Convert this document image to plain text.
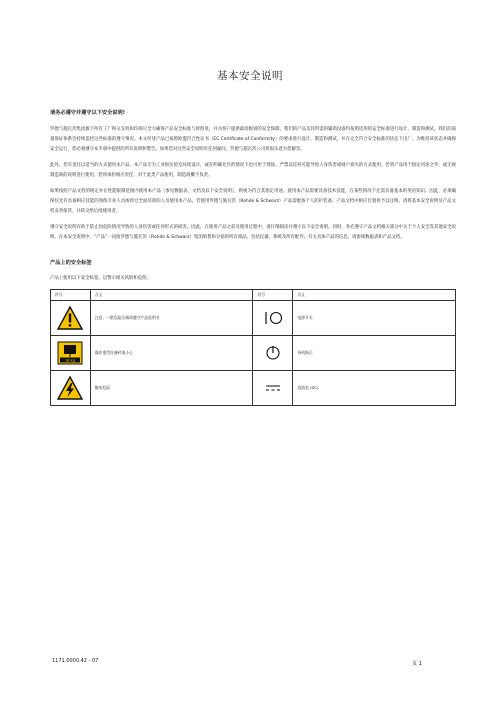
基本安全说明

请务必遵守并遵守以下安全说明!

罗德与施瓦茨集团旗下所有工厂和分支机构均竭尽全力确保产品安全标准与时俱进，并为客户提供最高级别的安全保障。我们的产品及其所需的辅助设备均按照适用的安全标准进行设计、制造和测试。我们的质量保证体系会持续监控这些标准的遵守情况。本文所述产品已按照欧盟符合性证书（EC Certificate of Conformity）的要求进行设计、制造和测试，并在完全符合安全标准的状态下出厂。为维持该状态并确保安全运行，您必须遵守本手册中提供的所有说明和警告。如果您对这些安全说明有任何疑问，罗德与施瓦茨公司将很乐意为您解答。

此外，您有责任以适当的方式使用本产品。本产品专为工业和实验室环境设计，或在明确允许的情况下也可用于现场，严禁以任何可能导致人身伤害或财产损失的方式使用。若将产品用于指定用途之外，或无视制造商的说明进行使用，您将承担相应责任。对于此类产品使用，制造商概不负责。

如果按照产品文档的规定并在性能限制范围内使用本产品（参见数据表、文档及以下安全说明），则视为符合其指定用途。使用本产品需要具备技术技能，在某些情况下还需具备基本的英语知识。因此，必须确保仅允许具备相应技能的熟练专业人员或经过全面培训的人员使用本产品。若使用罗德与施瓦茨（Rohde & Schwarz）产品需配备个人防护装备，产品文档中相应位置将予以注明。请将基本安全说明及产品文档妥善保管，并转交给后续使用者。

遵守安全说明有助于防止因危险情况导致的人身伤害或任何形式的损害。因此，在使用产品之前及使用过程中，请仔细阅读并遵守以下安全说明。同时，务必遵守产品文档相关部分中关于个人安全等其他安全说明。在本安全说明中，“产品”一词指罗德与施瓦茨（Rohde & Schwarz）集团销售和分销的所有商品，包括仪器、系统及所有配件。有关具体产品的信息，请参阅数据表和产品文档。

产品上的安全标签
产品上使用以下安全标签，以警示相关风险和危险。
符号	含义	符号	含义
	注意，一般危险区域请遵守产品说明书		电源开关

18 kg	操作重型设备时请小心		待机指示
	触电危险		直流电 (DC)
1171.0000.42 - 07	页 1
